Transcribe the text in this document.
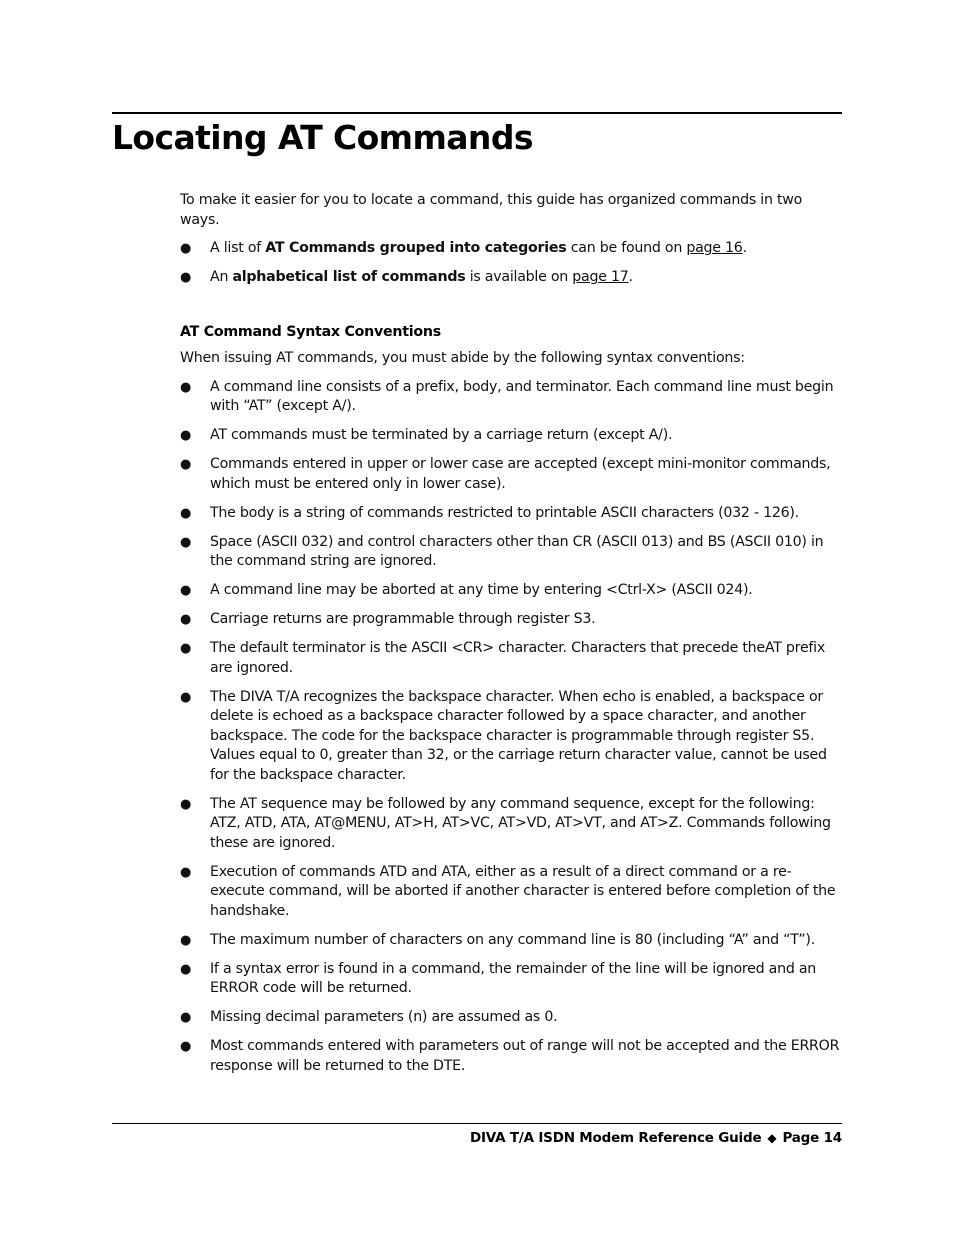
Locating AT Commands

To make it easier for you to locate a command, this guide has organized commands in two ways.

● A list of AT Commands grouped into categories can be found on page 16.
● An alphabetical list of commands is available on page 17.

AT Command Syntax Conventions

When issuing AT commands, you must abide by the following syntax conventions:

● A command line consists of a prefix, body, and terminator. Each command line must begin with “AT” (except A/).
● AT commands must be terminated by a carriage return (except A/).
● Commands entered in upper or lower case are accepted (except mini-monitor commands, which must be entered only in lower case).
● The body is a string of commands restricted to printable ASCII characters (032 - 126).
● Space (ASCII 032) and control characters other than CR (ASCII 013) and BS (ASCII 010) in the command string are ignored.
● A command line may be aborted at any time by entering <Ctrl-X> (ASCII 024).
● Carriage returns are programmable through register S3.
● The default terminator is the ASCII <CR> character. Characters that precede theAT prefix are ignored.
● The DIVA T/A recognizes the backspace character. When echo is enabled, a backspace or delete is echoed as a backspace character followed by a space character, and another backspace. The code for the backspace character is programmable through register S5. Values equal to 0, greater than 32, or the carriage return character value, cannot be used for the backspace character.
● The AT sequence may be followed by any command sequence, except for the following: ATZ, ATD, ATA, AT@MENU, AT>H, AT>VC, AT>VD, AT>VT, and AT>Z. Commands following these are ignored.
● Execution of commands ATD and ATA, either as a result of a direct command or a re-execute command, will be aborted if another character is entered before completion of the handshake.
● The maximum number of characters on any command line is 80 (including “A” and “T”).
● If a syntax error is found in a command, the remainder of the line will be ignored and an ERROR code will be returned.
● Missing decimal parameters (n) are assumed as 0.
● Most commands entered with parameters out of range will not be accepted and the ERROR response will be returned to the DTE.
DIVA T/A ISDN Modem Reference Guide ◆ Page 14
